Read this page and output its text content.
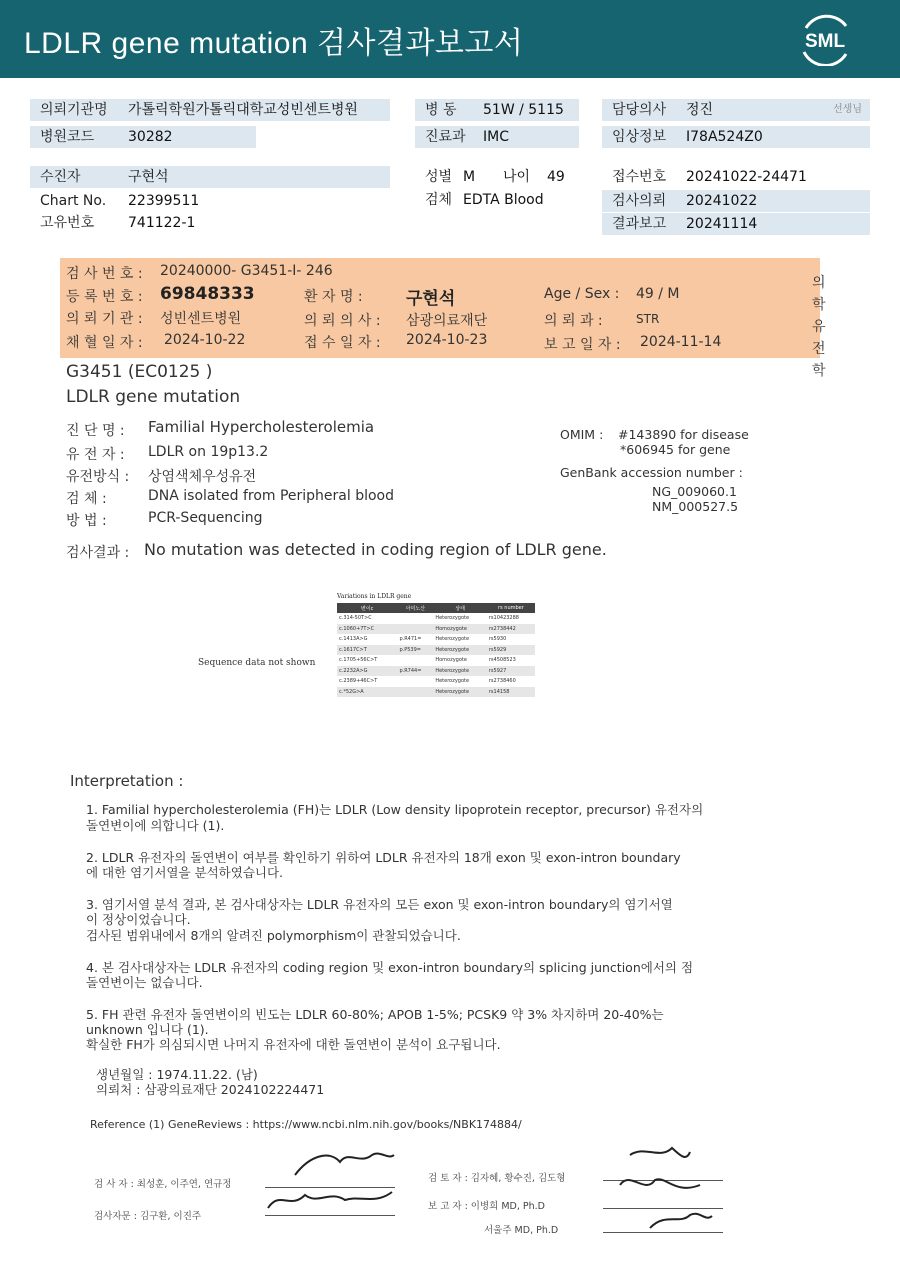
LDLR gene mutation 검사결과보고서	SML
의뢰기관명 가톨릭학원가톨릭대학교성빈센트병원
병원코드 30282
병 동 51W / 5115
진료과 IMC
담당의사 정진	선생님
임상정보 I78A524Z0
수진자	구현석
Chart No. 22399511
고유번호 741122-1
성별 M 나이 49
검체 EDTA Blood
접수번호 20241022-24471
검사의뢰 20241022
결과보고 20241114
검 사 번 호 : 20240000- G3451-I- 246
등 록 번 호 : 69848333	환 자 명 :	구현석	Age / Sex : 49 / M
의 뢰 기 관 : 성빈센트병원	의 뢰 의 사 : 삼광의료재단	의 뢰 과 :	STR
채 혈 일 자 : 2024-10-22	접 수 일 자 : 2024-10-23	보 고 일 자 : 2024-11-14
의학유전학
G3451 (EC0125 )
LDLR gene mutation
진 단 명 : Familial Hypercholesterolemia
유 전 자 : LDLR on 19p13.2
유전방식 : 상염색체우성유전
검 체 :	DNA isolated from Peripheral blood
방 법 :	PCR-Sequencing
OMIM : #143890 for disease
*606945 for gene
GenBank accession number :
NG_009060.1
NM_000527.5
검사결과 : No mutation was detected in coding region of LDLR gene.
Variations in LDLR gene
변이c	아미노산	상태	rs number
c.314-50T>C		Heterozygote	rs10423288
c.1060+7T>C		Homozygote	rs2738442
c.1413A>G	p.R471=	Heterozygote	rs5930
c.1617C>T	p.P539=	Heterozygote	rs5929
c.1705+56C>T		Homozygote	rs4508523
c.2232A>G	p.R744=	Heterozygote	rs5927
c.2389+46C>T		Heterozygote	rs2738460
c.*52G>A		Heterozygote	rs14158
Sequence data not shown

Interpretation :

1. Familial hypercholesterolemia (FH)는 LDLR (Low density lipoprotein receptor, precursor) 유전자의

돌연변이에 의합니다 (1).

2. LDLR 유전자의 돌연변이 여부를 확인하기 위하여 LDLR 유전자의 18개 exon 및 exon-intron boundary

에 대한 염기서열을 분석하였습니다.

3. 염기서열 분석 결과, 본 검사대상자는 LDLR 유전자의 모든 exon 및 exon-intron boundary의 염기서열

이 정상이었습니다.

검사된 범위내에서 8개의 알려진 polymorphism이 관찰되었습니다.

4. 본 검사대상자는 LDLR 유전자의 coding region 및 exon-intron boundary의 splicing junction에서의 점

돌연변이는 없습니다.

5. FH 관련 유전자 돌연변이의 빈도는 LDLR 60-80%; APOB 1-5%; PCSK9 약 3% 차지하며 20-40%는

unknown 입니다 (1).

확실한 FH가 의심되시면 나머지 유전자에 대한 돌연변이 분석이 요구됩니다.

생년월일 : 1974.11.22. (남)

의뢰처 : 삼광의료재단 2024102224471

Reference (1) GeneReviews : https://www.ncbi.nlm.nih.gov/books/NBK174884/

검 사 자 : 최성훈, 이주연, 연규정
검사자문 : 김구환, 이진주
검 토 자 : 김자혜, 황수진, 김도형
보 고 자 : 이병희 MD, Ph.D
서울주 MD, Ph.D
